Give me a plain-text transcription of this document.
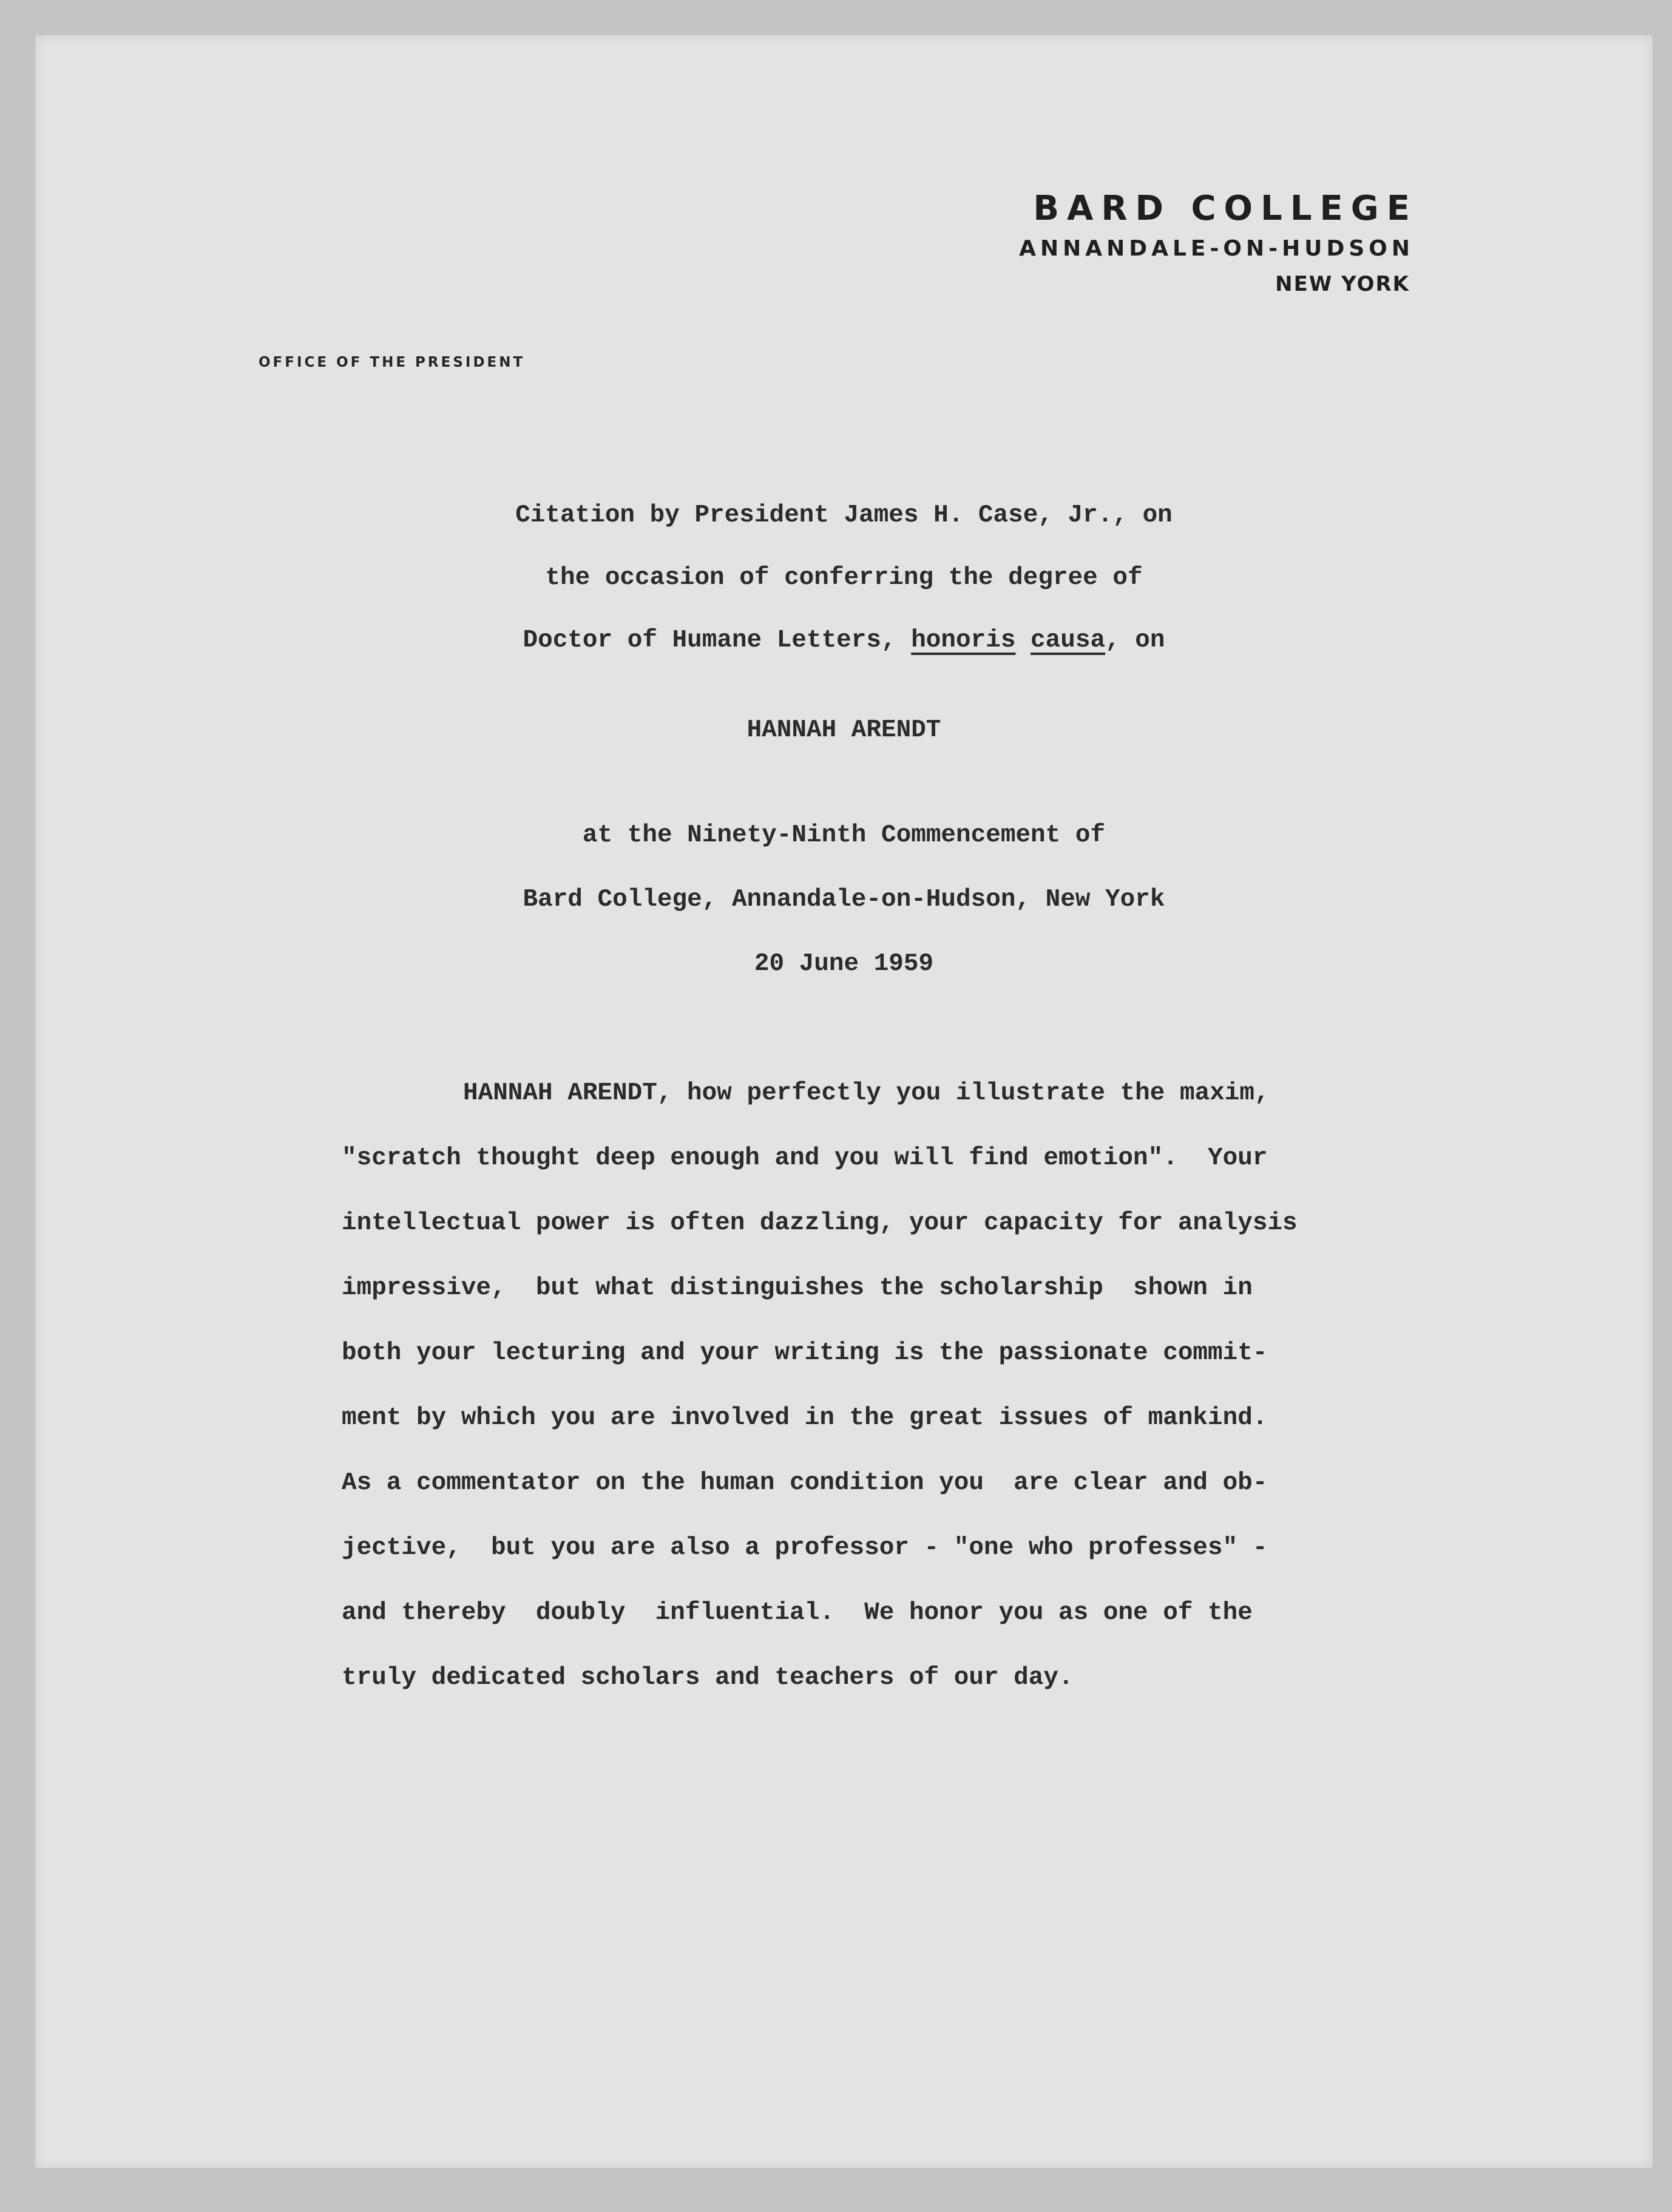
BARD COLLEGE
ANNANDALE-ON-HUDSON
NEW YORK
OFFICE OF THE PRESIDENT
Citation by President James H. Case, Jr., on
the occasion of conferring the degree of
Doctor of Humane Letters, honoris causa, on
HANNAH ARENDT
at the Ninety-Ninth Commencement of
Bard College, Annandale-on-Hudson, New York
20 June 1959
HANNAH ARENDT, how perfectly you illustrate the maxim,
"scratch thought deep enough and you will find emotion".  Your
intellectual power is often dazzling, your capacity for analysis
impressive,  but what distinguishes the scholarship  shown in
both your lecturing and your writing is the passionate commit-
ment by which you are involved in the great issues of mankind.
As a commentator on the human condition you  are clear and ob-
jective,  but you are also a professor - "one who professes" -
and thereby  doubly  influential.  We honor you as one of the
truly dedicated scholars and teachers of our day.
